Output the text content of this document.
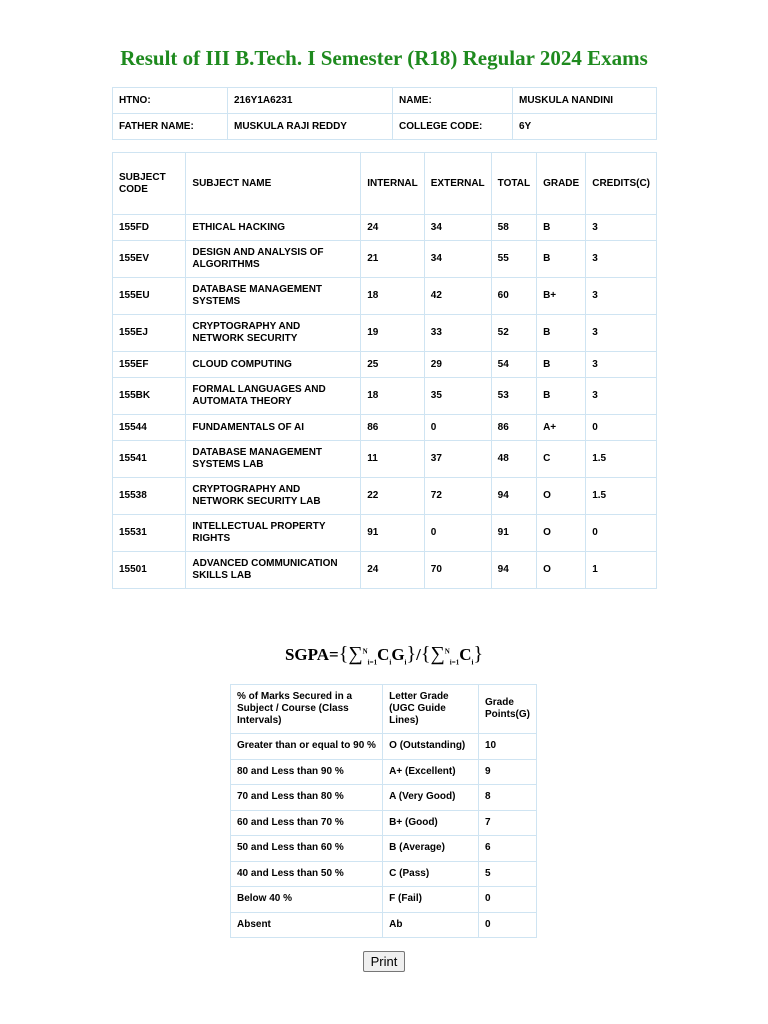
Result of III B.Tech. I Semester (R18) Regular 2024 Exams
HTNO:	216Y1A6231	NAME:	MUSKULA NANDINI
FATHER NAME:	MUSKULA RAJI REDDY	COLLEGE CODE:	6Y
SUBJECT CODE	SUBJECT NAME	INTERNAL	EXTERNAL	TOTAL	GRADE	CREDITS(C)
155FD	ETHICAL HACKING	24	34	58	B	3
155EV	DESIGN AND ANALYSIS OF ALGORITHMS	21	34	55	B	3
155EU	DATABASE MANAGEMENT SYSTEMS	18	42	60	B+	3
155EJ	CRYPTOGRAPHY AND NETWORK SECURITY	19	33	52	B	3
155EF	CLOUD COMPUTING	25	29	54	B	3
155BK	FORMAL LANGUAGES AND AUTOMATA THEORY	18	35	53	B	3
15544	FUNDAMENTALS OF AI	86	0	86	A+	0
15541	DATABASE MANAGEMENT SYSTEMS LAB	11	37	48	C	1.5
15538	CRYPTOGRAPHY AND NETWORK SECURITY LAB	22	72	94	O	1.5
15531	INTELLECTUAL PROPERTY RIGHTS	91	0	91	O	0
15501	ADVANCED COMMUNICATION SKILLS LAB	24	70	94	O	1
$SGPA=\{\sum^N_{i=1}C_iG_i\}/\{\sum^N_{i=1}C_i\}$
% of Marks Secured in a Subject / Course (Class Intervals)	Letter Grade (UGC Guide Lines)	Grade Points(G)
Greater than or equal to 90 %	O (Outstanding)	10
80 and Less than 90 %	A+ (Excellent)	9
70 and Less than 80 %	A (Very Good)	8
60 and Less than 70 %	B+ (Good)	7
50 and Less than 60 %	B (Average)	6
40 and Less than 50 %	C (Pass)	5
Below 40 %	F (Fail)	0
Absent	Ab	0
Print
